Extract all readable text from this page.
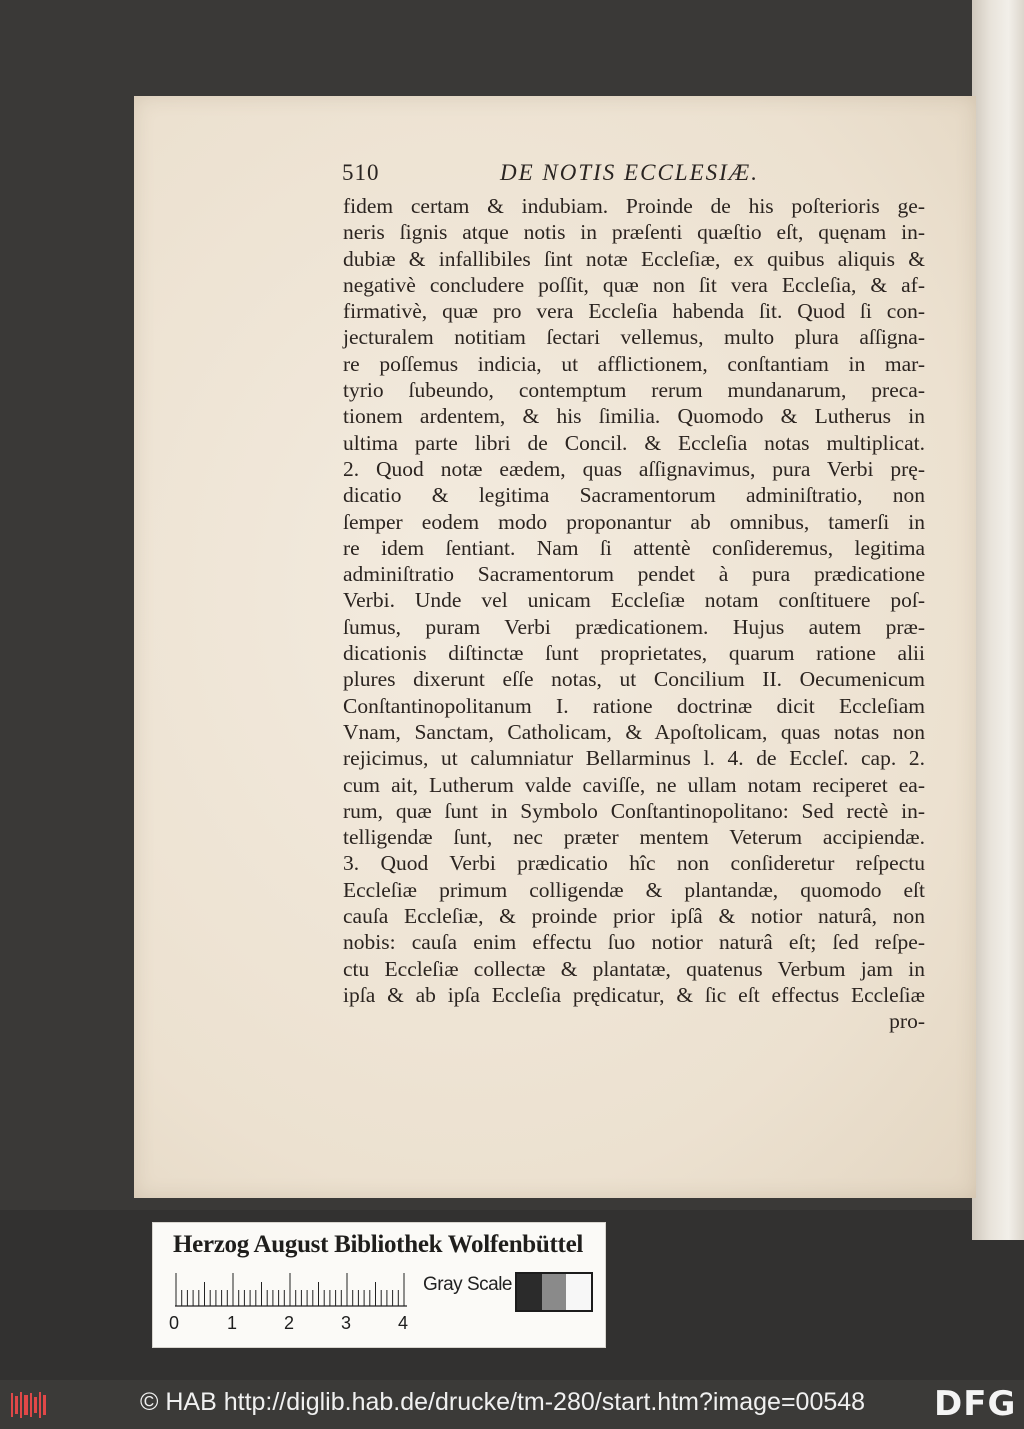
510	DE NOTIS ECCLESIÆ.
fidem certam & indubiam. Proinde de his poſterioris ge-
neris ſignis atque notis in præſenti quæſtio eſt, quęnam in-
dubiæ & infallibiles ſint notæ Eccleſiæ, ex quibus aliquis &
negativè concludere poſſit, quæ non ſit vera Eccleſia, & af-
firmativè, quæ pro vera Eccleſia habenda ſit. Quod ſi con-
jecturalem notitiam ſectari vellemus, multo plura aſſigna-
re poſſemus indicia, ut afflictionem, conſtantiam in mar-
tyrio ſubeundo, contemptum rerum mundanarum, preca-
tionem ardentem, & his ſimilia. Quomodo & Lutherus in
ultima parte libri de Concil. & Eccleſia notas multiplicat.
2. Quod notæ eædem, quas aſſignavimus, pura Verbi prę-
dicatio & legitima Sacramentorum adminiſtratio, non
ſemper eodem modo proponantur ab omnibus, tamerſi in
re idem ſentiant. Nam ſi attentè conſideremus, legitima
adminiſtratio Sacramentorum pendet à pura prædicatione
Verbi. Unde vel unicam Eccleſiæ notam conſtituere poſ-
ſumus, puram Verbi prædicationem. Hujus autem præ-
dicationis diſtinctæ ſunt proprietates, quarum ratione alii
plures dixerunt eſſe notas, ut Concilium II. Oecumenicum
Conſtantinopolitanum I. ratione doctrinæ dicit Eccleſiam
Vnam, Sanctam, Catholicam, & Apoſtolicam, quas notas non
rejicimus, ut calumniatur Bellarminus l. 4. de Eccleſ. cap. 2.
cum ait, Lutherum valde caviſſe, ne ullam notam reciperet ea-
rum, quæ ſunt in Symbolo Conſtantinopolitano: Sed rectè in-
telligendæ ſunt, nec præter mentem Veterum accipiendæ.
3. Quod Verbi prædicatio hîc non conſideretur reſpectu
Eccleſiæ primum colligendæ & plantandæ, quomodo eſt
cauſa Eccleſiæ, & proinde prior ipſâ & notior naturâ, non
nobis: cauſa enim effectu ſuo notior naturâ eſt; ſed reſpe-
ctu Eccleſiæ collectæ & plantatæ, quatenus Verbum jam in
ipſa & ab ipſa Eccleſia prędicatur, & ſic eſt effectus Eccleſiæ
pro-
Herzog August Bibliothek Wolfenbüttel
0	1	2	3	4
Gray Scale
© HAB http://diglib.hab.de/drucke/tm-280/start.htm?image=00548 DFG
